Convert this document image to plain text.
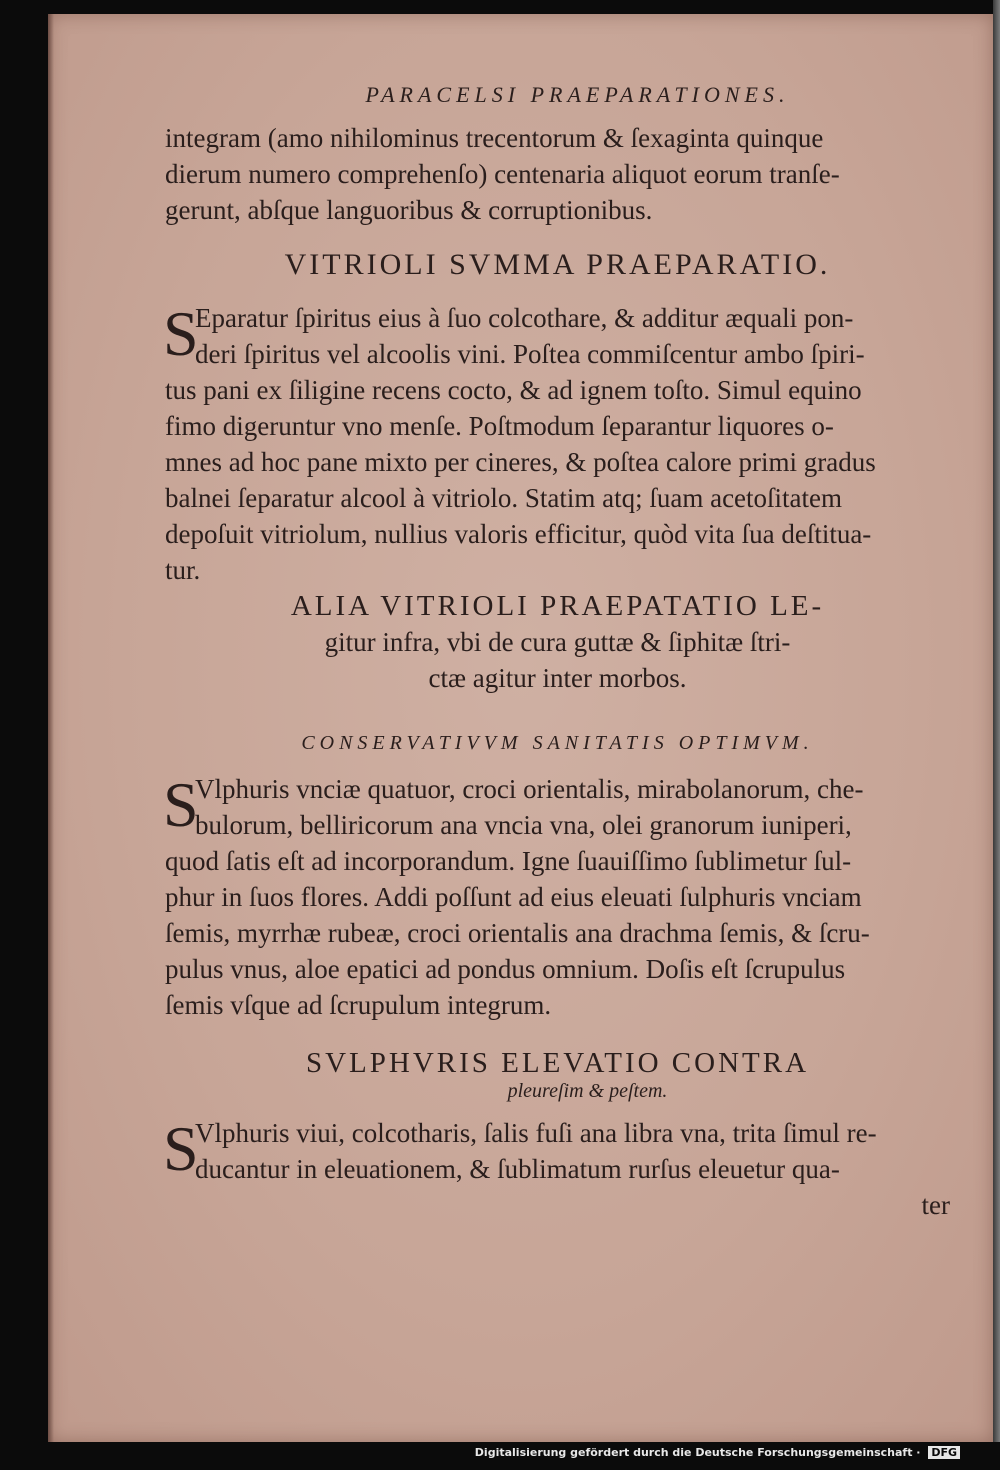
PARACELSI PRAEPARATIONES.
integram (amo nihilominus trecentorum & ſexaginta quinque
dierum numero comprehenſo) centenaria aliquot eorum tranſe-
gerunt, abſque languoribus & corruptionibus.
VITRIOLI SVMMA PRAEPARATIO.
S
Eparatur ſpiritus eius à ſuo colcothare, & additur æquali pon-
deri ſpiritus vel alcoolis vini. Poſtea commiſcentur ambo ſpiri-
tus pani ex ſiligine recens cocto, & ad ignem toſto. Simul equino
fimo digeruntur vno menſe. Poſtmodum ſeparantur liquores o-
mnes ad hoc pane mixto per cineres, & poſtea calore primi gradus
balnei ſeparatur alcool à vitriolo. Statim atq; ſuam acetoſitatem
depoſuit vitriolum, nullius valoris efficitur, quòd vita ſua deſtitua-
tur.
ALIA VITRIOLI PRAEPATATIO LE-
gitur infra, vbi de cura guttæ & ſiphitæ ſtri-
ctæ agitur inter morbos.
CONSERVATIVVM SANITATIS OPTIMVM.
S
Vlphuris vnciæ quatuor, croci orientalis, mirabolanorum, che-
bulorum, belliricorum ana vncia vna, olei granorum iuniperi,
quod ſatis eſt ad incorporandum. Igne ſuauiſſimo ſublimetur ſul-
phur in ſuos flores. Addi poſſunt ad eius eleuati ſulphuris vnciam
ſemis, myrrhæ rubeæ, croci orientalis ana drachma ſemis, & ſcru-
pulus vnus, aloe epatici ad pondus omnium. Doſis eſt ſcrupulus
ſemis vſque ad ſcrupulum integrum.
SVLPHVRIS ELEVATIO CONTRA
pleureſim & peſtem.
S
Vlphuris viui, colcotharis, ſalis fuſi ana libra vna, trita ſimul re-
ducantur in eleuationem, & ſublimatum rurſus eleuetur qua-
ter
Digitalisierung gefördert durch die Deutsche Forschungsgemeinschaft · DFG
